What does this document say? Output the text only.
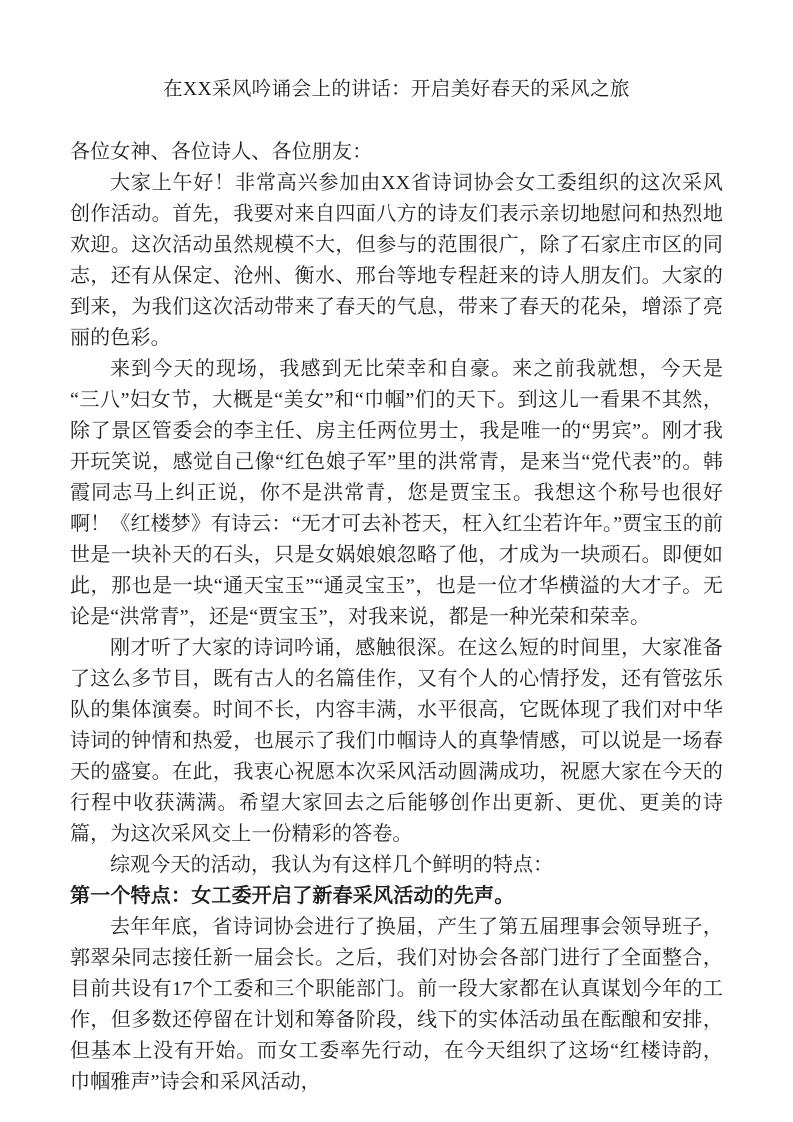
在XX采风吟诵会上的讲话：开启美好春天的采风之旅

各位女神、各位诗人、各位朋友：

大家上午好！非常高兴参加由XX省诗词协会女工委组织的这次采风创作活动。首先，我要对来自四面八方的诗友们表示亲切地慰问和热烈地欢迎。这次活动虽然规模不大，但参与的范围很广，除了石家庄市区的同志，还有从保定、沧州、衡水、邢台等地专程赶来的诗人朋友们。大家的到来，为我们这次活动带来了春天的气息，带来了春天的花朵，增添了亮丽的色彩。

来到今天的现场，我感到无比荣幸和自豪。来之前我就想，今天是“三八”妇女节，大概是“美女”和“巾帼”们的天下。到这儿一看果不其然，除了景区管委会的李主任、房主任两位男士，我是唯一的“男宾”。刚才我开玩笑说，感觉自己像“红色娘子军”里的洪常青，是来当“党代表”的。韩霞同志马上纠正说，你不是洪常青，您是贾宝玉。我想这个称号也很好啊！《红楼梦》有诗云：“无才可去补苍天，枉入红尘若许年。”贾宝玉的前世是一块补天的石头，只是女娲娘娘忽略了他，才成为一块顽石。即便如此，那也是一块“通天宝玉”“通灵宝玉”，也是一位才华横溢的大才子。无论是“洪常青”，还是“贾宝玉”，对我来说，都是一种光荣和荣幸。

刚才听了大家的诗词吟诵，感触很深。在这么短的时间里，大家准备了这么多节目，既有古人的名篇佳作，又有个人的心情抒发，还有管弦乐队的集体演奏。时间不长，内容丰满，水平很高，它既体现了我们对中华诗词的钟情和热爱，也展示了我们巾帼诗人的真挚情感，可以说是一场春天的盛宴。在此，我衷心祝愿本次采风活动圆满成功，祝愿大家在今天的行程中收获满满。希望大家回去之后能够创作出更新、更优、更美的诗篇，为这次采风交上一份精彩的答卷。

综观今天的活动，我认为有这样几个鲜明的特点：

第一个特点：女工委开启了新春采风活动的先声。

去年年底，省诗词协会进行了换届，产生了第五届理事会领导班子，郭翠朵同志接任新一届会长。之后，我们对协会各部门进行了全面整合，目前共设有17个工委和三个职能部门。前一段大家都在认真谋划今年的工作，但多数还停留在计划和筹备阶段，线下的实体活动虽在酝酿和安排，但基本上没有开始。而女工委率先行动，在今天组织了这场“红楼诗韵，巾帼雅声”诗会和采风活动，
